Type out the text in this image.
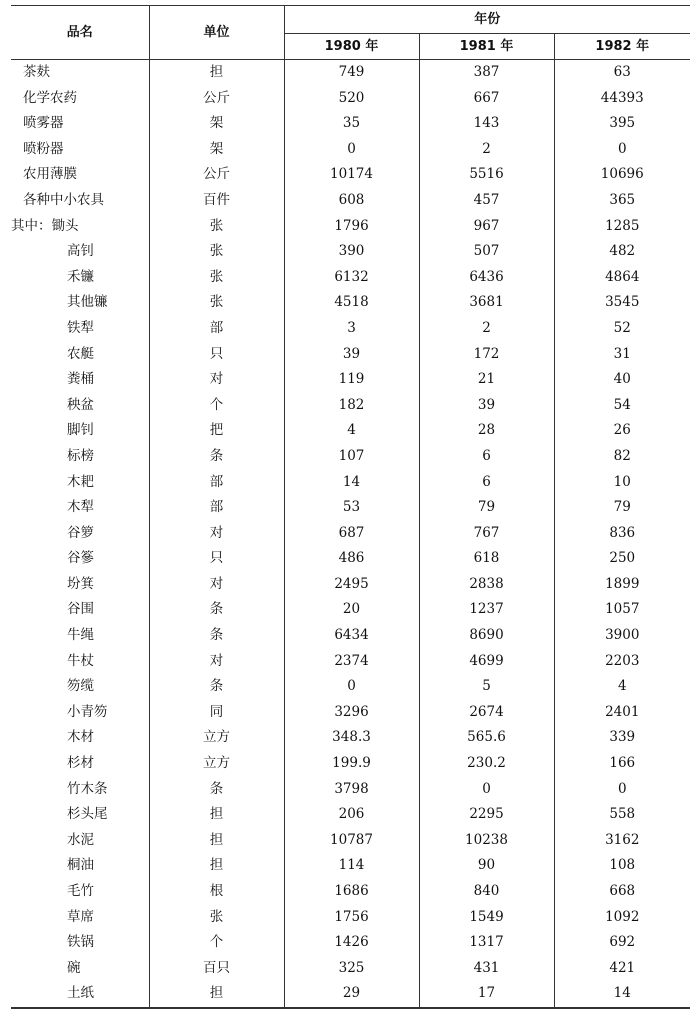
品名	单位	年份		
		1980 年	1981 年	1982 年
茶麸	担	749	387	63
化学农药	公斤	520	667	44393
喷雾器	架	35	143	395
喷粉器	架	0	2	0
农用薄膜	公斤	10174	5516	10696
各种中小农具	百件	608	457	365
其中：锄头	张	1796	967	1285
高钊	张	390	507	482
禾镰	张	6132	6436	4864
其他镰	张	4518	3681	3545
铁犁	部	3	2	52
农艇	只	39	172	31
粪桶	对	119	21	40
秧盆	个	182	39	54
脚钊	把	4	28	26
标榜	条	107	6	82
木耙	部	14	6	10
木犁	部	53	79	79
谷箩	对	687	767	836
谷篸	只	486	618	250
坋箕	对	2495	2838	1899
谷围	条	20	1237	1057
牛绳	条	6434	8690	3900
牛杖	对	2374	4699	2203
笏缆	条	0	5	4
小青笏	同	3296	2674	2401
木材	立方	348.3	565.6	339
杉材	立方	199.9	230.2	166
竹木条	条	3798	0	0
杉头尾	担	206	2295	558
水泥	担	10787	10238	3162
桐油	担	114	90	108
毛竹	根	1686	840	668
草席	张	1756	1549	1092
铁锅	个	1426	1317	692
碗	百只	325	431	421
土纸	担	29	17	14
